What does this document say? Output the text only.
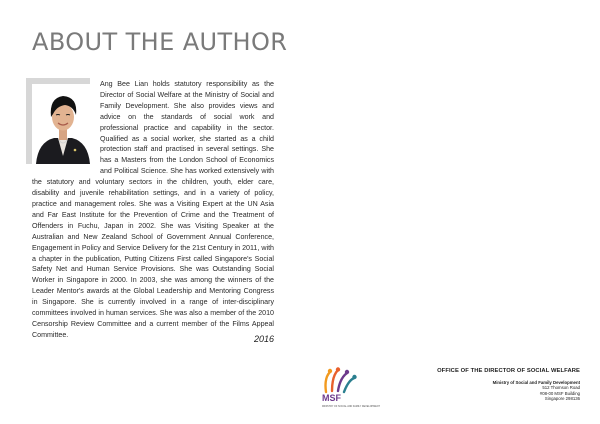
ABOUT THE AUTHOR
Ang Bee Lian holds statutory responsibility as the Director of Social Welfare at the Ministry of Social and Family Development. She also provides views and advice on the standards of social work and professional practice and capability in the sector. Qualified as a social worker, she started as a child protection staff and practised in several settings. She has a Masters from the London School of Economics and Political Science. She has worked extensively with the statutory and voluntary sectors in the children, youth, elder care, disability and juvenile rehabilitation settings, and in a variety of policy, practice and management roles. She was a Visiting Expert at the UN Asia and Far East Institute for the Prevention of Crime and the Treatment of Offenders in Fuchu, Japan in 2002. She was Visiting Speaker at the Australian and New Zealand School of Government Annual Conference, Engagement in Policy and Service Delivery for the 21st Century in 2011, with a chapter in the publication, Putting Citizens First called Singapore's Social Safety Net and Human Service Provisions. She was Outstanding Social Worker in Singapore in 2000. In 2003, she was among the winners of the Leader Mentor's awards at the Global Leadership and Mentoring Congress in Singapore. She is currently involved in a range of inter-disciplinary committees involved in human services. She was also a member of the 2010 Censorship Review Committee and a current member of the Films Appeal Committee.	2016
MSF
MINISTRY OF SOCIAL AND FAMILY DEVELOPMENT
OFFICE OF THE DIRECTOR OF SOCIAL WELFARE
Ministry of Social and Family Development
512 Thomson Road
#08-00 MSF Building
Singapore 298136
